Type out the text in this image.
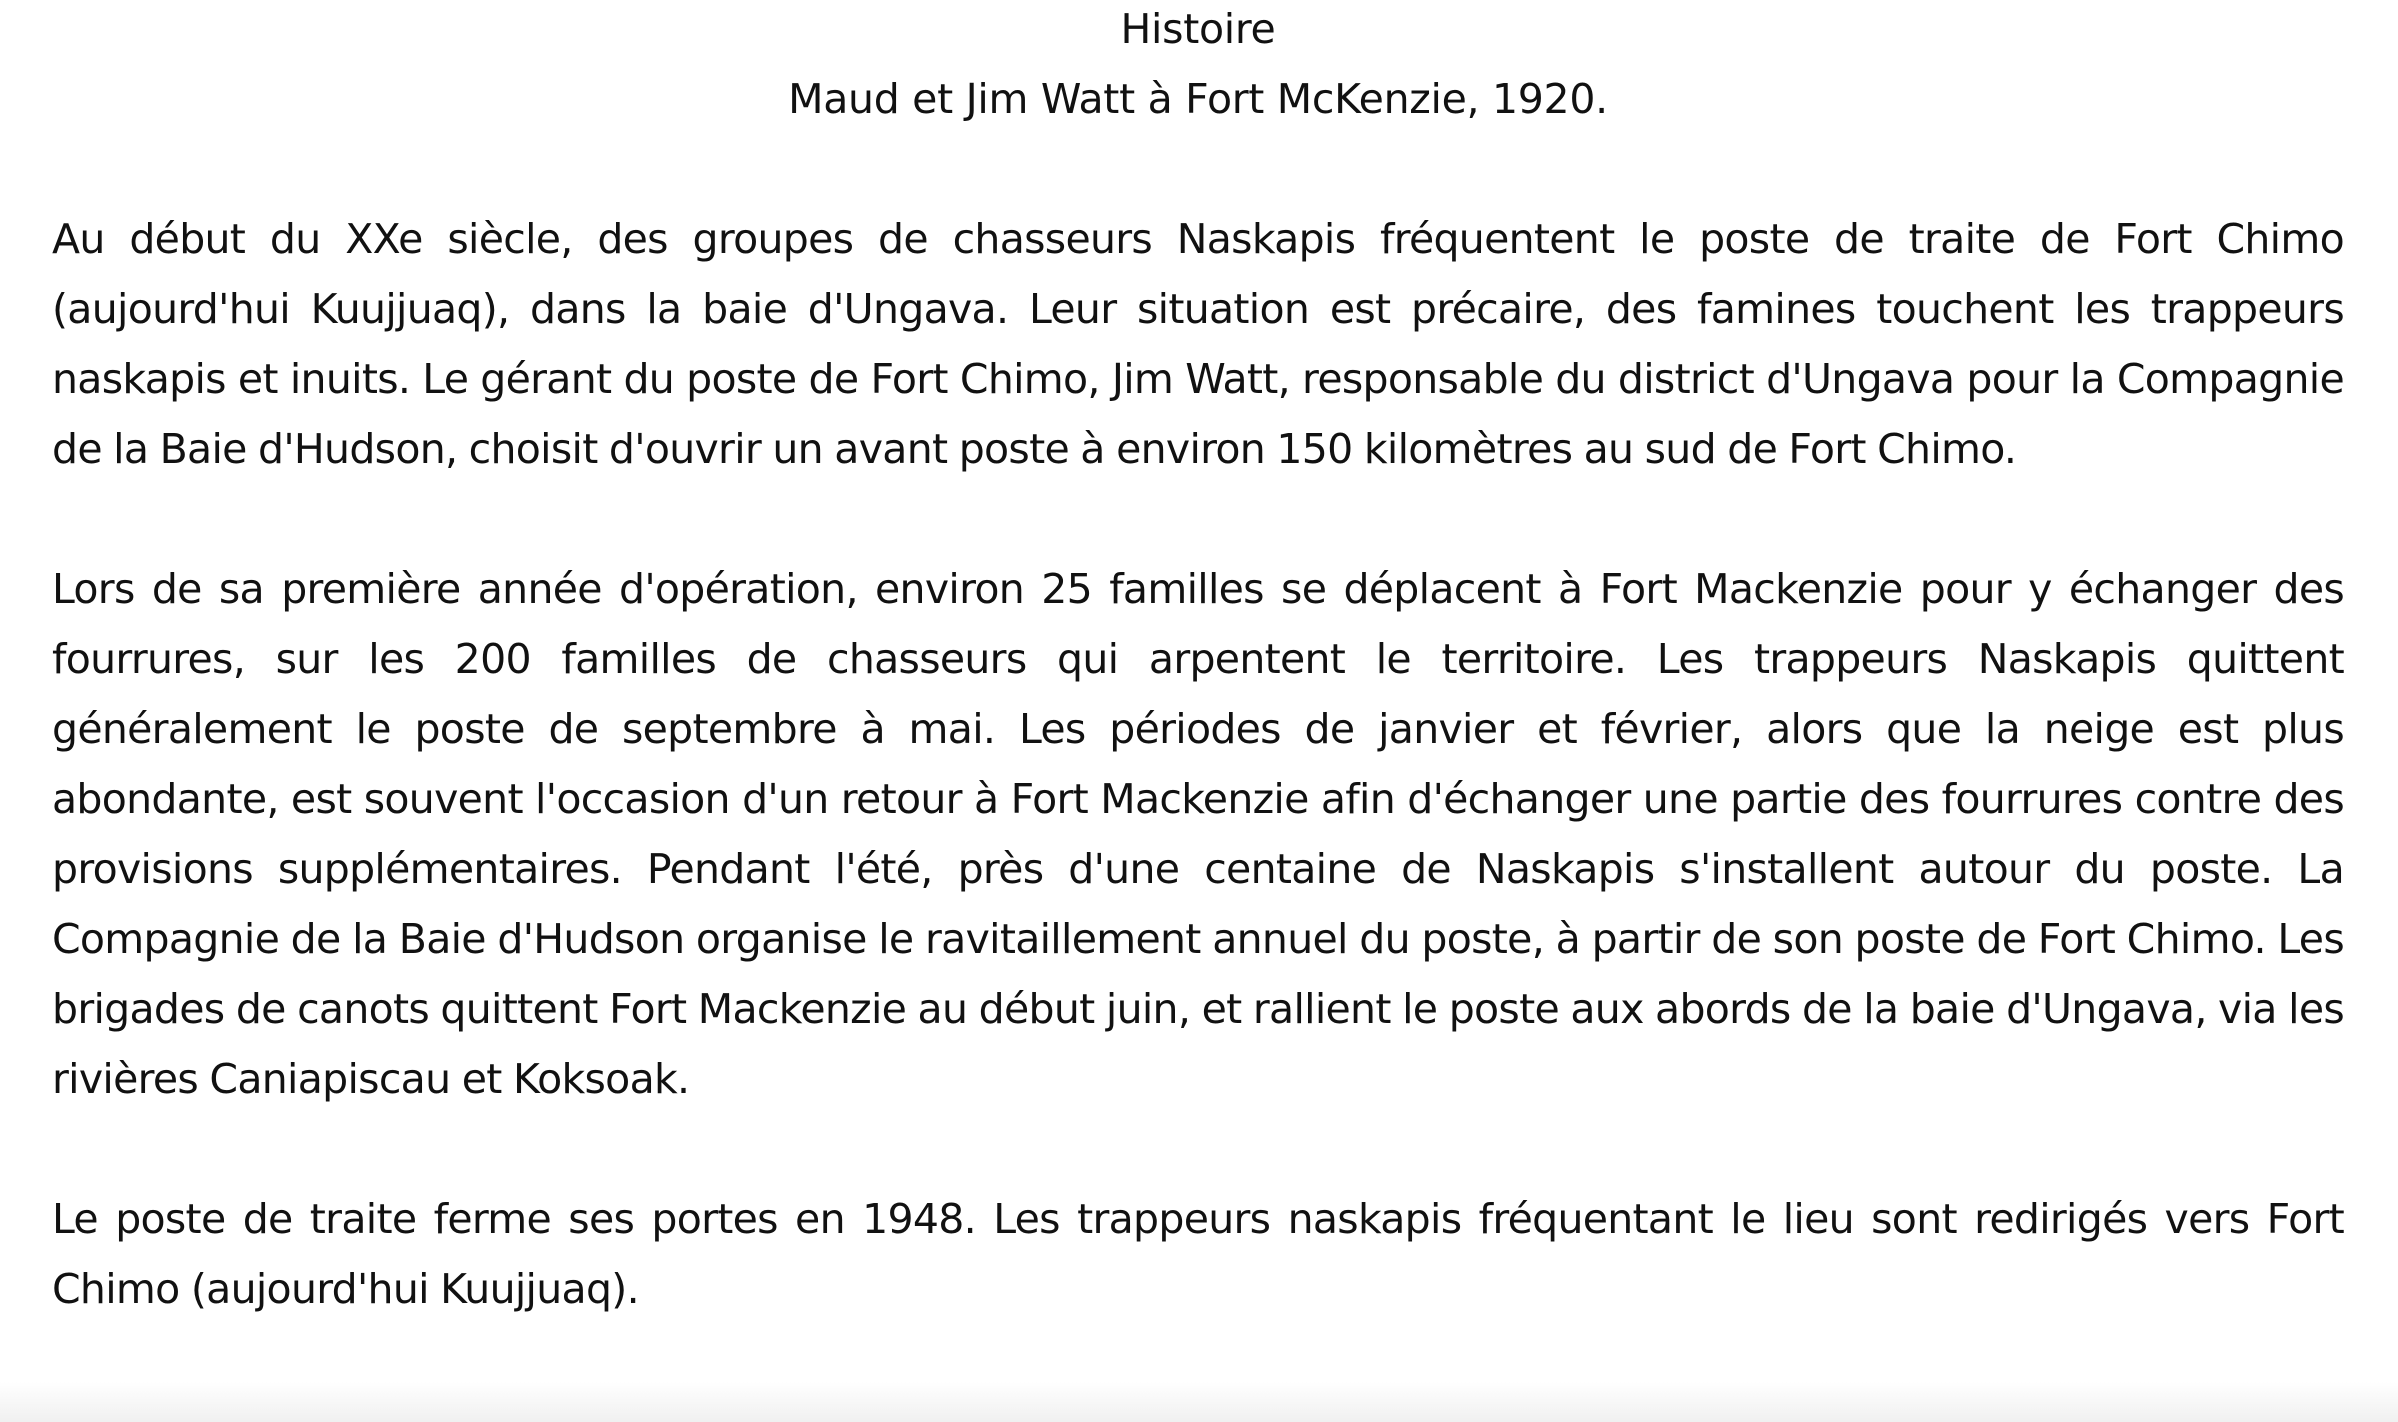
Histoire

Maud et Jim Watt à Fort McKenzie, 1920.

Au début du XXe siècle, des groupes de chasseurs Naskapis fréquentent le poste de traite de Fort Chimo (aujourd'hui Kuujjuaq), dans la baie d'Ungava. Leur situation est précaire, des famines touchent les trappeurs naskapis et inuits. Le gérant du poste de Fort Chimo, Jim Watt, responsable du district d'Ungava pour la Compagnie de la Baie d'Hudson, choisit d'ouvrir un avant poste à environ 150 kilomètres au sud de Fort Chimo.

Lors de sa première année d'opération, environ 25 familles se déplacent à Fort Mackenzie pour y échanger des fourrures, sur les 200 familles de chasseurs qui arpentent le territoire. Les trappeurs Naskapis quittent généralement le poste de septembre à mai. Les périodes de janvier et février, alors que la neige est plus abondante, est souvent l'occasion d'un retour à Fort Mackenzie afin d'échanger une partie des fourrures contre des provisions supplémentaires. Pendant l'été, près d'une centaine de Naskapis s'installent autour du poste. La Compagnie de la Baie d'Hudson organise le ravitaillement annuel du poste, à partir de son poste de Fort Chimo. Les brigades de canots quittent Fort Mackenzie au début juin, et rallient le poste aux abords de la baie d'Ungava, via les rivières Caniapiscau et Koksoak.

Le poste de traite ferme ses portes en 1948. Les trappeurs naskapis fréquentant le lieu sont redirigés vers Fort Chimo (aujourd'hui Kuujjuaq).
